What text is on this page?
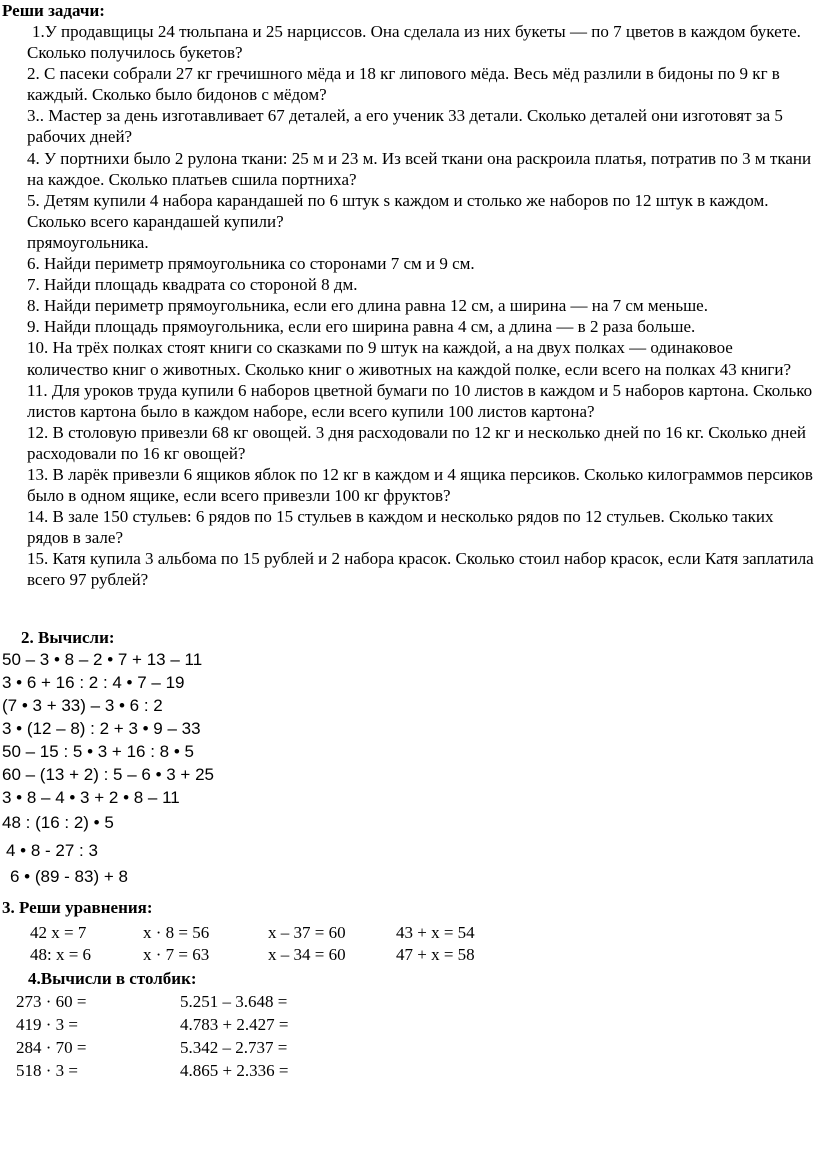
Реши задачи:

1.У продавщицы 24 тюльпана и 25 нарциссов. Она сделала из них букеты — по 7 цветов в каждом букете. Сколько получилось букетов?

2. С пасеки собрали 27 кг гречишного мёда и 18 кг липового мёда. Весь мёд разлили в бидоны по 9 кг в каждый. Сколько было бидонов с мёдом?

3.. Мастер за день изготавливает 67 деталей, а его ученик 33 детали. Сколько деталей они изготовят за 5 рабочих дней?

4. У портнихи было 2 рулона ткани: 25 м и 23 м. Из всей ткани она раскроила платья, потратив по 3 м ткани на каждое. Сколько платьев сшила портниха?

5. Детям купили 4 набора карандашей по 6 штук s каждом и столько же наборов по 12 штук в каждом. Сколько всего карандашей купили?

прямоугольника.

6. Найди периметр прямоугольника со сторонами 7 см и 9 см.

7. Найди площадь квадрата со стороной 8 дм.

8. Найди периметр прямоугольника, если его длина равна 12 см, а ширина — на 7 см меньше.

9. Найди площадь прямоугольника, если его ширина равна 4 см, а длина — в 2 раза больше.

10. На трёх полках стоят книги со сказками по 9 штук на каждой, а на двух полках — одинаковое количество книг о животных. Сколько книг о животных на каждой полке, если всего на полках 43 книги?

11. Для уроков труда купили 6 наборов цветной бумаги по 10 листов в каждом и 5 наборов картона. Сколько листов картона было в каждом наборе, если всего купили 100 листов картона?

12. В столовую привезли 68 кг овощей. 3 дня расходовали по 12 кг и несколько дней по 16 кг. Сколько дней расходовали по 16 кг овощей?

13. В ларёк привезли 6 ящиков яблок по 12 кг в каждом и 4 ящика персиков. Сколько килограммов персиков было в одном ящике, если всего привезли 100 кг фруктов?

14. В зале 150 стульев: 6 рядов по 15 стульев в каждом и несколько рядов по 12 стульев. Сколько таких рядов в зале?

15. Катя купила 3 альбома по 15 рублей и 2 набора красок. Сколько стоил набор красок, если Катя заплатила всего 97 рублей?

2. Вычисли:
50 – 3 • 8 – 2 • 7 + 13 – 11
3 • 6 + 16 : 2 : 4 • 7 – 19
(7 • 3 + 33) – 3 • 6 : 2
3 • (12 – 8) : 2 + 3 • 9 – 33
50 – 15 : 5 • 3 + 16 : 8 • 5
60 – (13 + 2) : 5 – 6 • 3 + 25
3 • 8 – 4 • 3 + 2 • 8 – 11
48 : (16 : 2) • 5
4 • 8 - 27 : 3
6 • (89 - 83) + 8
3. Реши уравнения:
42 x = 7	x · 8 = 56	x – 37 = 60	43 + x = 54
48: x = 6	x · 7 = 63	x – 34 = 60	47 + x = 58
4.Вычисли в столбик:
273 · 60 =	5.251 – 3.648 =
419 · 3 =	4.783 + 2.427 =
284 · 70 =	5.342 – 2.737 =
518 · 3 =	4.865 + 2.336 =
